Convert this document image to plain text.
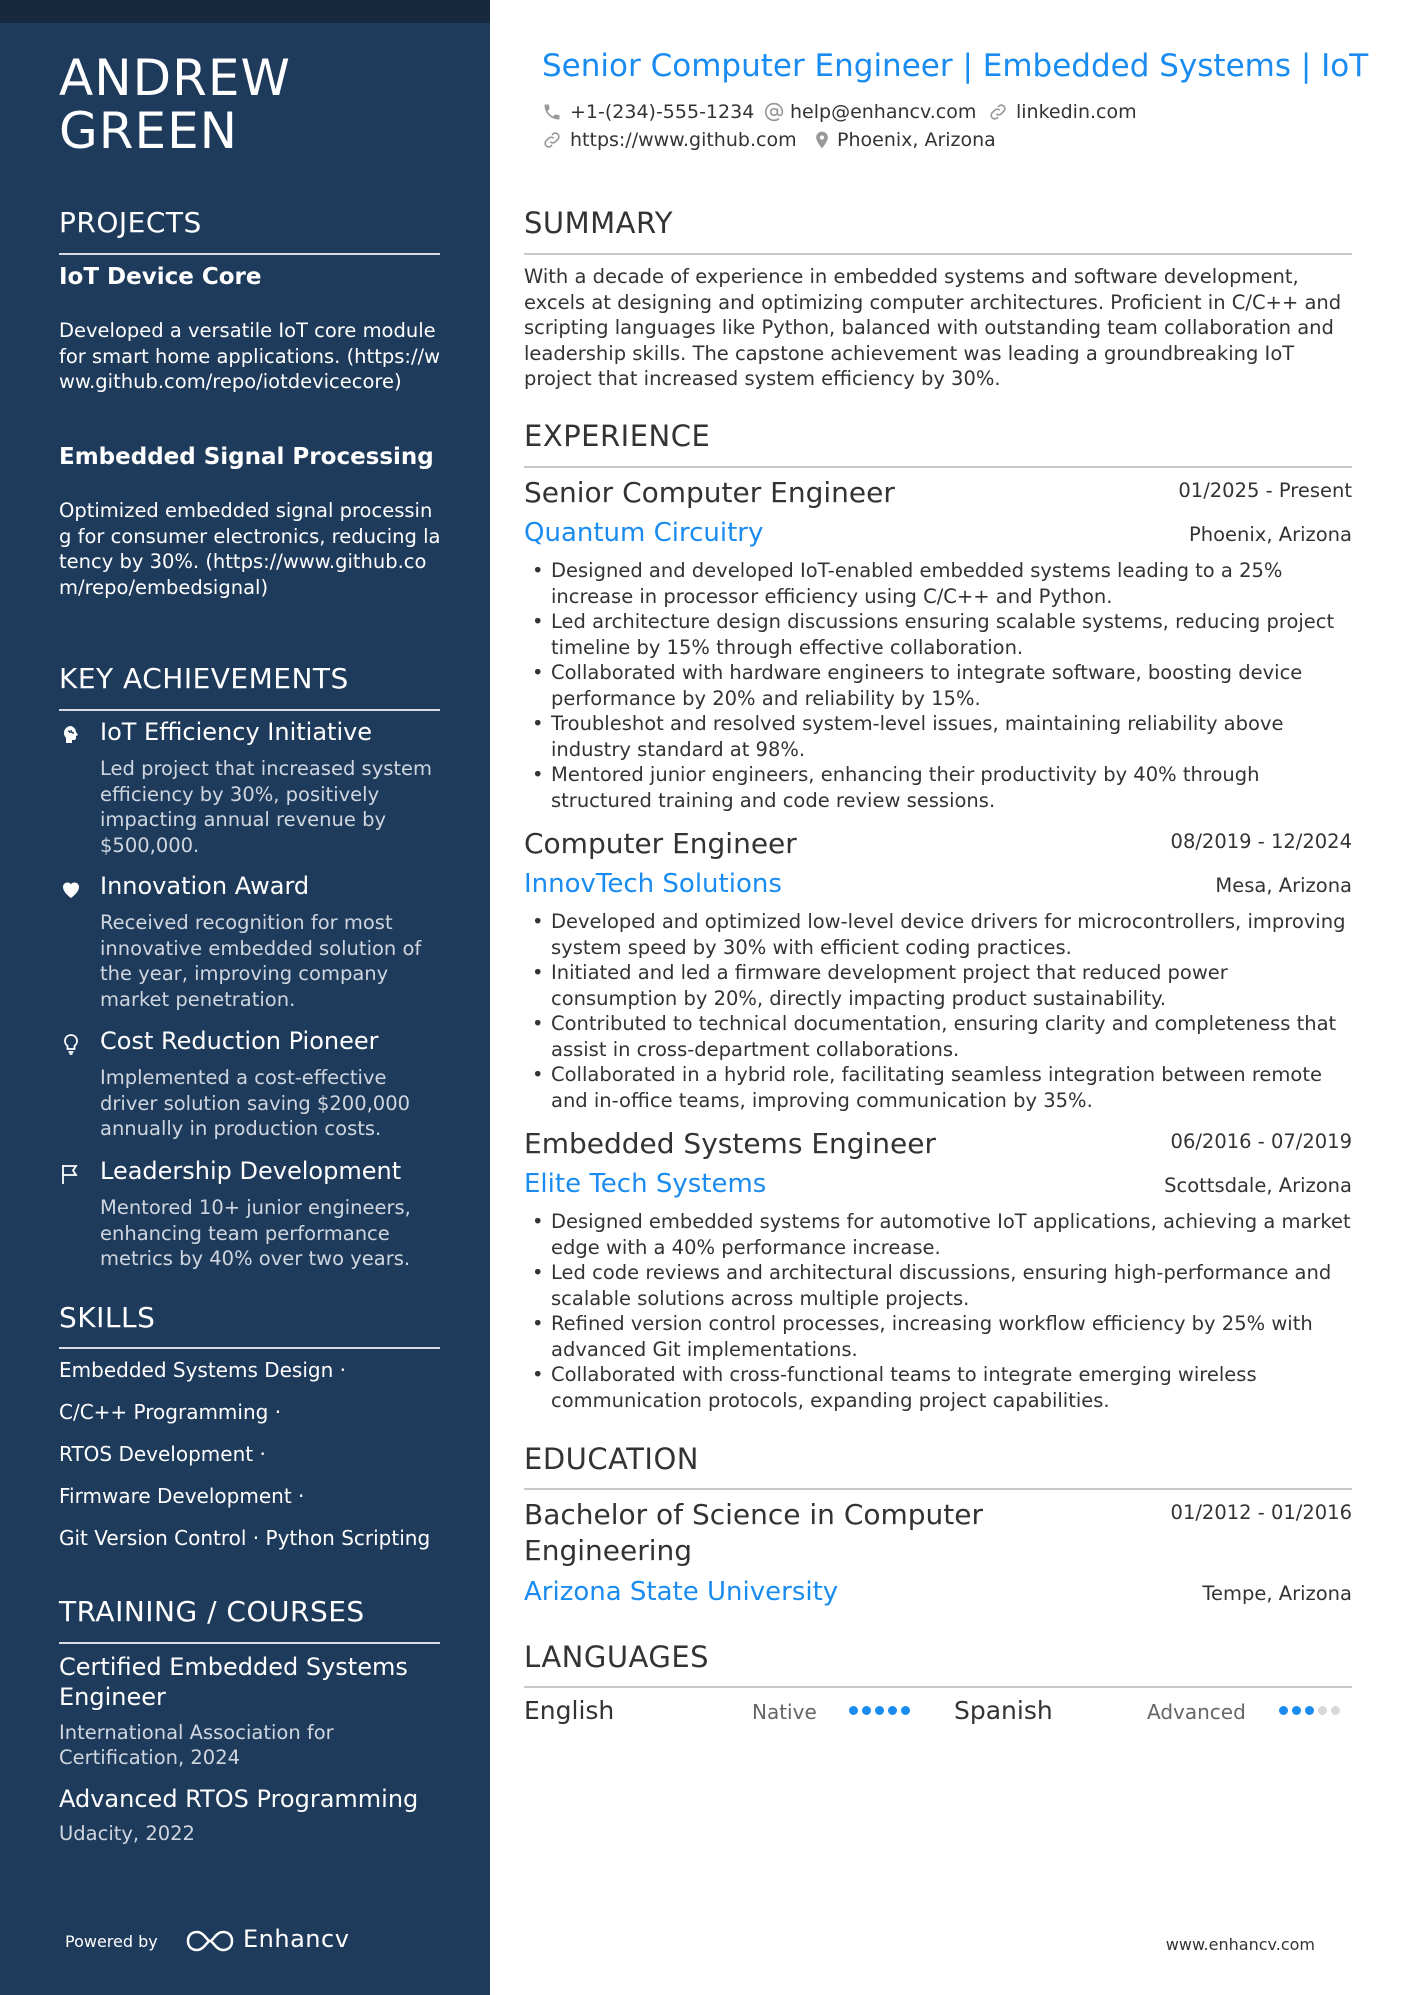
ANDREW
GREEN
PROJECTS
IoT Device Core
Developed a versatile IoT core module for smart home applications. (https://www.github.com/repo/iotdevicecore)
Embedded Signal Processing
Optimized embedded signal processing for consumer electronics, reducing latency by 30%. (https://www.github.com/repo/embedsignal)
KEY ACHIEVEMENTS
IoT Efficiency Initiative
Led project that increased system efficiency by 30%, positively impacting annual revenue by $500,000.
Innovation Award
Received recognition for most innovative embedded solution of the year, improving company market penetration.
Cost Reduction Pioneer
Implemented a cost-effective driver solution saving $200,000 annually in production costs.
Leadership Development
Mentored 10+ junior engineers, enhancing team performance metrics by 40% over two years.
SKILLS
Embedded Systems Design ·
C/C++ Programming ·
RTOS Development ·
Firmware Development ·
Git Version Control · Python Scripting
TRAINING / COURSES
Certified Embedded Systems Engineer
International Association for Certification, 2024
Advanced RTOS Programming
Udacity, 2022
Powered by	Enhancv
Senior Computer Engineer | Embedded Systems | IoT
+1-(234)-555-1234 help@enhancv.com linkedin.com
https://www.github.com Phoenix, Arizona
SUMMARY

With a decade of experience in embedded systems and software development, excels at designing and optimizing computer architectures. Proficient in C/C++ and scripting languages like Python, balanced with outstanding team collaboration and leadership skills. The capstone achievement was leading a groundbreaking IoT project that increased system efficiency by 30%.

EXPERIENCE
Senior Computer Engineer	01/2025 - Present
Quantum Circuitry	Phoenix, Arizona
• Designed and developed IoT-enabled embedded systems leading to a 25% increase in processor efficiency using C/C++ and Python.
• Led architecture design discussions ensuring scalable systems, reducing project timeline by 15% through effective collaboration.
• Collaborated with hardware engineers to integrate software, boosting device performance by 20% and reliability by 15%.
• Troubleshot and resolved system-level issues, maintaining reliability above industry standard at 98%.
• Mentored junior engineers, enhancing their productivity by 40% through structured training and code review sessions.
Computer Engineer	08/2019 - 12/2024
InnovTech Solutions	Mesa, Arizona
• Developed and optimized low-level device drivers for microcontrollers, improving system speed by 30% with efficient coding practices.
• Initiated and led a firmware development project that reduced power consumption by 20%, directly impacting product sustainability.
• Contributed to technical documentation, ensuring clarity and completeness that assist in cross-department collaborations.
• Collaborated in a hybrid role, facilitating seamless integration between remote and in-office teams, improving communication by 35%.
Embedded Systems Engineer	06/2016 - 07/2019
Elite Tech Systems	Scottsdale, Arizona
• Designed embedded systems for automotive IoT applications, achieving a market edge with a 40% performance increase.
• Led code reviews and architectural discussions, ensuring high-performance and scalable solutions across multiple projects.
• Refined version control processes, increasing workflow efficiency by 25% with advanced Git implementations.
• Collaborated with cross-functional teams to integrate emerging wireless communication protocols, expanding project capabilities.
EDUCATION
Bachelor of Science in Computer Engineering
01/2012 - 01/2016
Arizona State University	Tempe, Arizona
LANGUAGES
English	Native	Spanish	Advanced
www.enhancv.com
